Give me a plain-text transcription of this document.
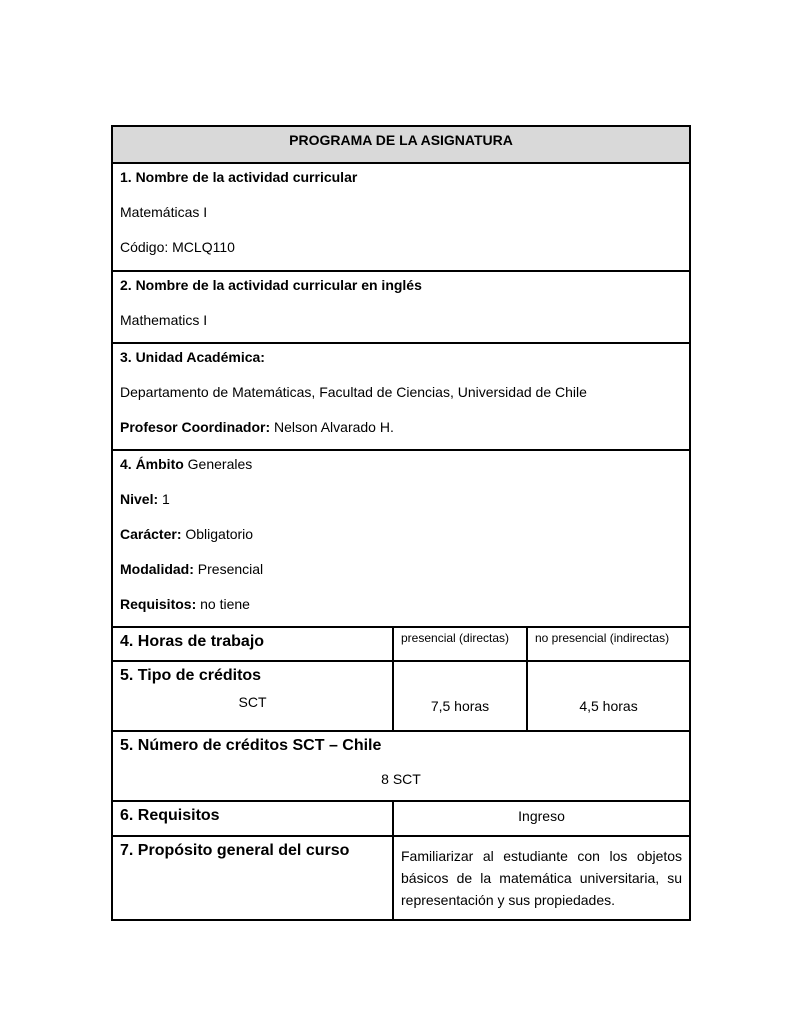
PROGRAMA DE LA ASIGNATURA		

1. Nombre de la actividad curricular

Matemáticas I

Código: MCLQ110		

2. Nombre de la actividad curricular en inglés

Mathematics I		

3. Unidad Académica:

Departamento de Matemáticas, Facultad de Ciencias, Universidad de Chile

Profesor Coordinador: Nelson Alvarado H.		

4. Ámbito Generales

Nivel: 1

Carácter: Obligatorio

Modalidad: Presencial

Requisitos: no tiene		

4. Horas de trabajo	presencial (directas)	no presencial (indirectas)

5. Tipo de créditos
SCT	7,5 horas	4,5 horas

5. Número de créditos SCT – Chile
8 SCT		

6. Requisitos	Ingreso	
7. Propósito general del curso	Familiarizar al estudiante con los objetos básicos de la matemática universitaria, su representación y sus propiedades.	
